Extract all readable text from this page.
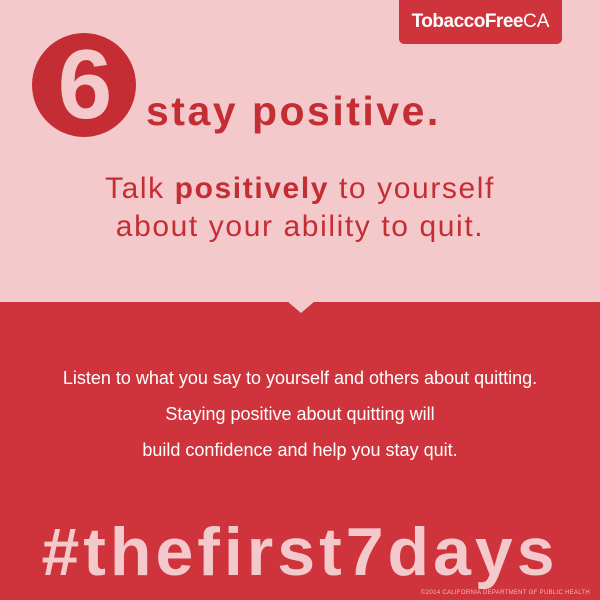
TobaccoFree CA
6 stay positive.
Talk positively to yourself
about your ability to quit.
Listen to what you say to yourself and others about quitting.
Staying positive about quitting will
build confidence and help you stay quit.
#thefirst7days
©2014 CALIFORNIA DEPARTMENT OF PUBLIC HEALTH
